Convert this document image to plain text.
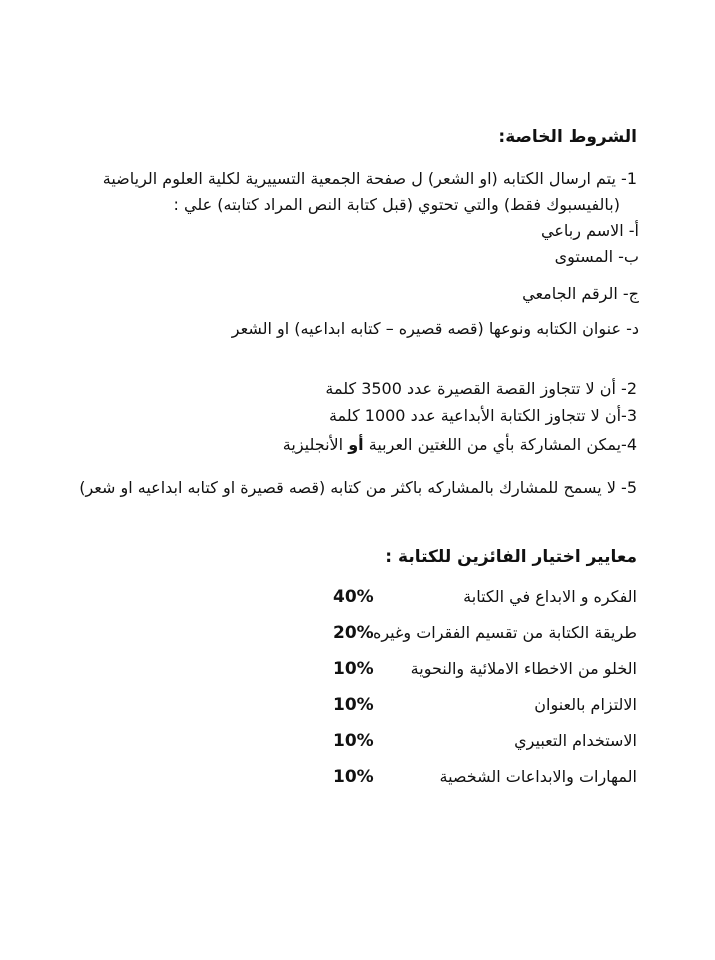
الشروط الخاصة:
1- يتم ارسال الكتابه (او الشعر) ل صفحة الجمعية التسييرية لكلية العلوم الرياضية
(بالفيسبوك فقط) والتي تحتوي (قبل كتابة النص المراد كتابته) علي :
أ- الاسم رباعي
ب- المستوى
ج- الرقم الجامعي
د- عنوان الكتابه ونوعها (قصه قصيره – كتابه ابداعيه) او الشعر
2- أن لا تتجاوز القصة القصيرة عدد 3500 كلمة
3-أن لا تتجاوز الكتابة الأبداعية عدد 1000 كلمة
4-يمكن المشاركة بأي من اللغتين العربية أو الأنجليزية
5- لا يسمح للمشارك بالمشاركه باكثر من كتابه (قصه قصيرة او كتابه ابداعيه او شعر)
معايير اختيار الفائزين للكتابة :
الفكره و الابداع في الكتابة
40%
طريقة الكتابة من تقسيم الفقرات وغيره
20%
الخلو من الاخطاء الاملائية والنحوية
10%
الالتزام بالعنوان
10%
الاستخدام التعبيري
10%
المهارات والابداعات الشخصية
10%
